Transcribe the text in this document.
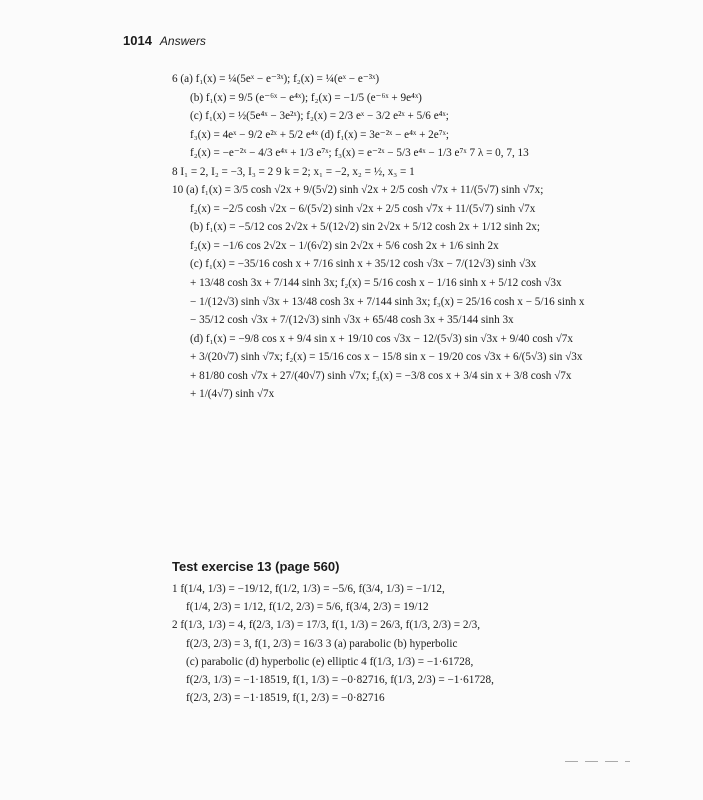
1014 Answers
6 (a) f₁(x) = ¼(5eˣ − e⁻³ˣ); f₂(x) = ¼(eˣ − e⁻³ˣ)
(b) f₁(x) = 9/5 (e⁻⁶ˣ − e⁴ˣ); f₂(x) = −1/5 (e⁻⁶ˣ + 9e⁴ˣ)
(c) f₁(x) = ½(5e⁴ˣ − 3e²ˣ); f₂(x) = 2/3 eˣ − 3/2 e²ˣ + 5/6 e⁴ˣ;
f₃(x) = 4eˣ − 9/2 e²ˣ + 5/2 e⁴ˣ (d) f₁(x) = 3e⁻²ˣ − e⁴ˣ + 2e⁷ˣ;
f₂(x) = −e⁻²ˣ − 4/3 e⁴ˣ + 1/3 e⁷ˣ; f₃(x) = e⁻²ˣ − 5/3 e⁴ˣ − 1/3 e⁷ˣ 7 λ = 0, 7, 13
8 I₁ = 2, I₂ = −3, I₃ = 2 9 k = 2; x₁ = −2, x₂ = ½, x₃ = 1
10 (a) f₁(x) = 3/5 cosh √2x + 9/(5√2) sinh √2x + 2/5 cosh √7x + 11/(5√7) sinh √7x;
f₂(x) = −2/5 cosh √2x − 6/(5√2) sinh √2x + 2/5 cosh √7x + 11/(5√7) sinh √7x
(b) f₁(x) = −5/12 cos 2√2x + 5/(12√2) sin 2√2x + 5/12 cosh 2x + 1/12 sinh 2x;
f₂(x) = −1/6 cos 2√2x − 1/(6√2) sin 2√2x + 5/6 cosh 2x + 1/6 sinh 2x
(c) f₁(x) = −35/16 cosh x + 7/16 sinh x + 35/12 cosh √3x − 7/(12√3) sinh √3x
+ 13/48 cosh 3x + 7/144 sinh 3x; f₂(x) = 5/16 cosh x − 1/16 sinh x + 5/12 cosh √3x
− 1/(12√3) sinh √3x + 13/48 cosh 3x + 7/144 sinh 3x; f₃(x) = 25/16 cosh x − 5/16 sinh x
− 35/12 cosh √3x + 7/(12√3) sinh √3x + 65/48 cosh 3x + 35/144 sinh 3x
(d) f₁(x) = −9/8 cos x + 9/4 sin x + 19/10 cos √3x − 12/(5√3) sin √3x + 9/40 cosh √7x
+ 3/(20√7) sinh √7x; f₂(x) = 15/16 cos x − 15/8 sin x − 19/20 cos √3x + 6/(5√3) sin √3x
+ 81/80 cosh √7x + 27/(40√7) sinh √7x; f₃(x) = −3/8 cos x + 3/4 sin x + 3/8 cosh √7x
+ 1/(4√7) sinh √7x
Test exercise 13 (page 560)
1 f(1/4, 1/3) = −19/12, f(1/2, 1/3) = −5/6, f(3/4, 1/3) = −1/12,
f(1/4, 2/3) = 1/12, f(1/2, 2/3) = 5/6, f(3/4, 2/3) = 19/12
2 f(1/3, 1/3) = 4, f(2/3, 1/3) = 17/3, f(1, 1/3) = 26/3, f(1/3, 2/3) = 2/3,
f(2/3, 2/3) = 3, f(1, 2/3) = 16/3 3 (a) parabolic (b) hyperbolic
(c) parabolic (d) hyperbolic (e) elliptic 4 f(1/3, 1/3) = −1·61728,
f(2/3, 1/3) = −1·18519, f(1, 1/3) = −0·82716, f(1/3, 2/3) = −1·61728,
f(2/3, 2/3) = −1·18519, f(1, 2/3) = −0·82716
